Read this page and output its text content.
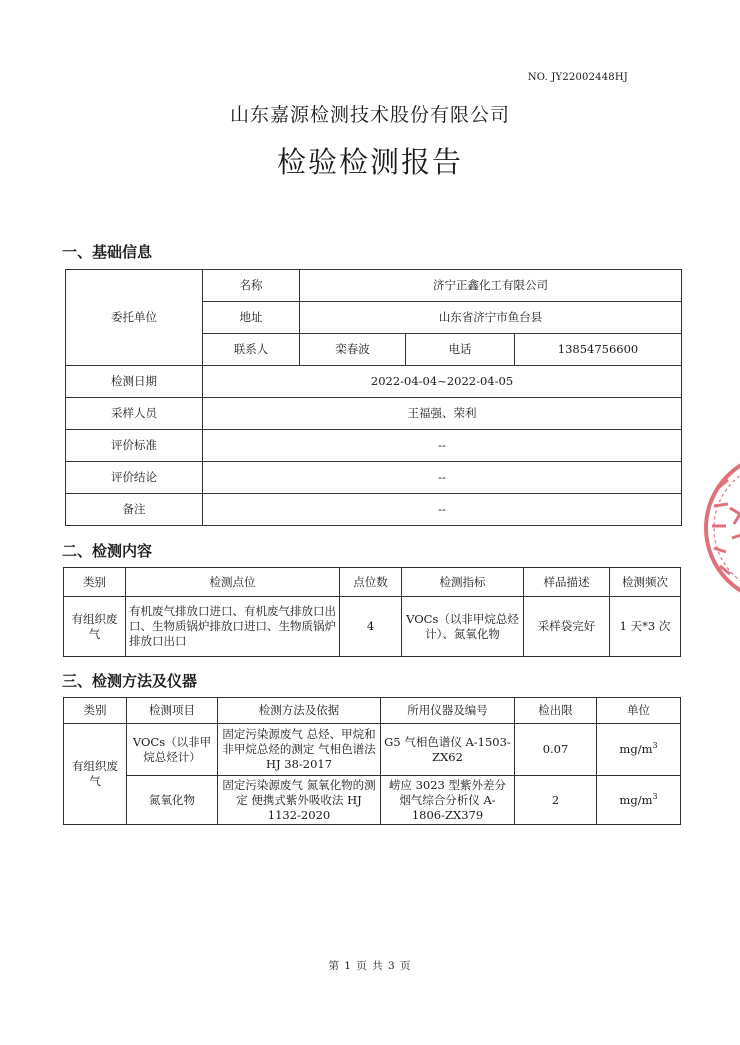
NO. JY22002448HJ
山东嘉源检测技术股份有限公司
检验检测报告
一、基础信息
委托单位	名称	济宁正鑫化工有限公司		
	地址	山东省济宁市鱼台县		
	联系人	栾春波	电话	13854756600
检测日期	2022-04-04~2022-04-05			
采样人员	王福强、荣利			
评价标准	--			
评价结论	--			
备注	--			
二、检测内容
类别	检测点位	点位数	检测指标	样品描述	检测频次
有组织废气	有机废气排放口进口、有机废气排放口出口、生物质锅炉排放口进口、生物质锅炉排放口出口	4	VOCs（以非甲烷总烃计）、氮氧化物	采样袋完好	1 天*3 次
三、检测方法及仪器
类别	检测项目	检测方法及依据	所用仪器及编号	检出限	单位
有组织废气	VOCs（以非甲烷总烃计）	固定污染源废气 总烃、甲烷和非甲烷总烃的测定 气相色谱法 HJ 38-2017	G5 气相色谱仪 A-1503-ZX62	0.07	$mg/m^3$
	氮氧化物	固定污染源废气 氮氧化物的测定 便携式紫外吸收法 HJ 1132-2020	崂应 3023 型紫外差分烟气综合分析仪 A-1806-ZX379	2	$mg/m^3$
第 1 页 共 3 页
